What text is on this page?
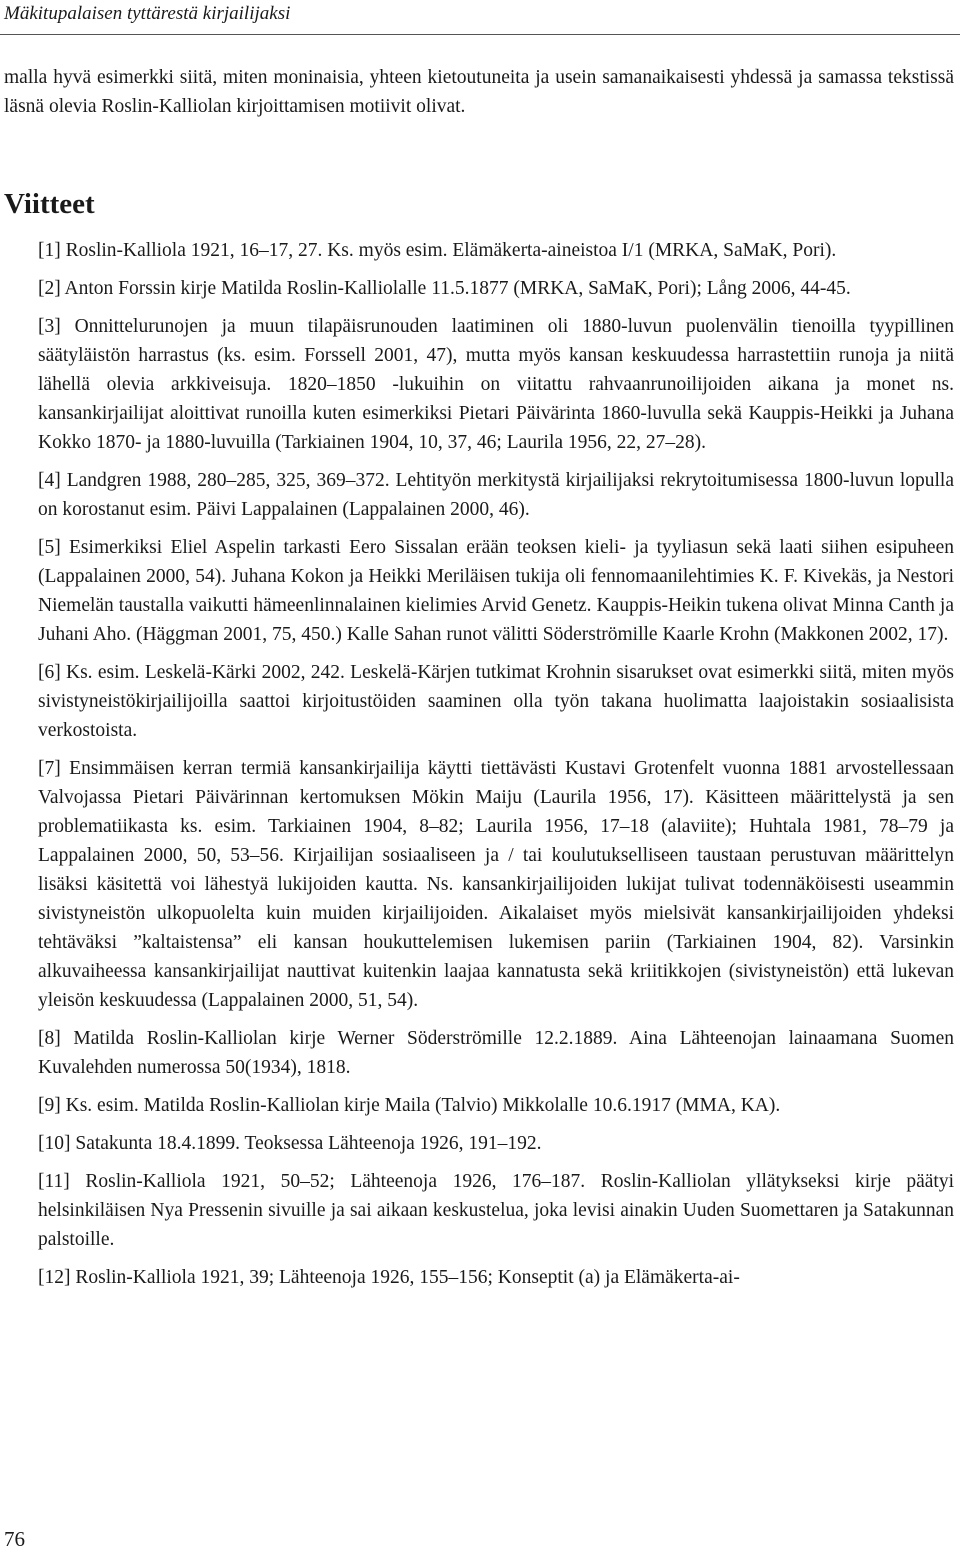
Mäkitupalaisen tyttärestä kirjailijaksi

malla hyvä esimerkki siitä, miten moninaisia, yhteen kietoutuneita ja usein samanaikaisesti yhdessä ja samassa tekstissä läsnä olevia Roslin-Kalliolan kirjoittamisen motiivit olivat.

Viitteet
[1] Roslin-Kalliola 1921, 16–17, 27. Ks. myös esim. Elämäkerta-aineistoa I/1 (MRKA, SaMaK, Pori).
[2] Anton Forssin kirje Matilda Roslin-Kalliolalle 11.5.1877 (MRKA, SaMaK, Pori); Lång 2006, 44-45.
[3] Onnittelurunojen ja muun tilapäisrunouden laatiminen oli 1880-luvun puolenvälin tienoilla tyypillinen säätyläistön harrastus (ks. esim. Forssell 2001, 47), mutta myös kansan keskuudessa harrastettiin runoja ja niitä lähellä olevia arkkiveisuja. 1820–1850 -lukuihin on viitattu rahvaanrunoilijoiden aikana ja monet ns. kansankirjailijat aloittivat runoilla kuten esimerkiksi Pietari Päivärinta 1860-luvulla sekä Kauppis-Heikki ja Juhana Kokko 1870- ja 1880-luvuilla (Tarkiainen 1904, 10, 37, 46; Laurila 1956, 22, 27–28).
[4] Landgren 1988, 280–285, 325, 369–372. Lehtityön merkitystä kirjailijaksi rekrytoitumisessa 1800-luvun lopulla on korostanut esim. Päivi Lappalainen (Lappalainen 2000, 46).
[5] Esimerkiksi Eliel Aspelin tarkasti Eero Sissalan erään teoksen kieli- ja tyyliasun sekä laati siihen esipuheen (Lappalainen 2000, 54). Juhana Kokon ja Heikki Meriläisen tukija oli fennomaanilehtimies K. F. Kivekäs, ja Nestori Niemelän taustalla vaikutti hämeenlinnalainen kielimies Arvid Genetz. Kauppis-Heikin tukena olivat Minna Canth ja Juhani Aho. (Häggman 2001, 75, 450.) Kalle Sahan runot välitti Söderströmille Kaarle Krohn (Makkonen 2002, 17).
[6] Ks. esim. Leskelä-Kärki 2002, 242. Leskelä-Kärjen tutkimat Krohnin sisarukset ovat esimerkki siitä, miten myös sivistyneistökirjailijoilla saattoi kirjoitustöiden saaminen olla työn takana huolimatta laajoistakin sosiaalisista verkostoista.
[7] Ensimmäisen kerran termiä kansankirjailija käytti tiettävästi Kustavi Grotenfelt vuonna 1881 arvostellessaan Valvojassa Pietari Päivärinnan kertomuksen Mökin Maiju (Laurila 1956, 17). Käsitteen määrittelystä ja sen problematiikasta ks. esim. Tarkiainen 1904, 8–82; Laurila 1956, 17–18 (alaviite); Huhtala 1981, 78–79 ja Lappalainen 2000, 50, 53–56. Kirjailijan sosiaaliseen ja / tai koulutukselliseen taustaan perustuvan määrittelyn lisäksi käsitettä voi lähestyä lukijoiden kautta. Ns. kansankirjailijoiden lukijat tulivat todennäköisesti useammin sivistyneistön ulkopuolelta kuin muiden kirjailijoiden. Aikalaiset myös mielsivät kansankirjailijoiden yhdeksi tehtäväksi ”kaltaistensa” eli kansan houkuttelemisen lukemisen pariin (Tarkiainen 1904, 82). Varsinkin alkuvaiheessa kansankirjailijat nauttivat kuitenkin laajaa kannatusta sekä kriitikkojen (sivistyneistön) että lukevan yleisön keskuudessa (Lappalainen 2000, 51, 54).
[8] Matilda Roslin-Kalliolan kirje Werner Söderströmille 12.2.1889. Aina Lähteenojan lainaamana Suomen Kuvalehden numerossa 50(1934), 1818.
[9] Ks. esim. Matilda Roslin-Kalliolan kirje Maila (Talvio) Mikkolalle 10.6.1917 (MMA, KA).
[10] Satakunta 18.4.1899. Teoksessa Lähteenoja 1926, 191–192.
[11] Roslin-Kalliola 1921, 50–52; Lähteenoja 1926, 176–187. Roslin-Kalliolan yllätykseksi kirje päätyi helsinkiläisen Nya Pressenin sivuille ja sai aikaan keskustelua, joka levisi ainakin Uuden Suomettaren ja Satakunnan palstoille.
[12] Roslin-Kalliola 1921, 39; Lähteenoja 1926, 155–156; Konseptit (a) ja Elämäkerta-ai-
76
